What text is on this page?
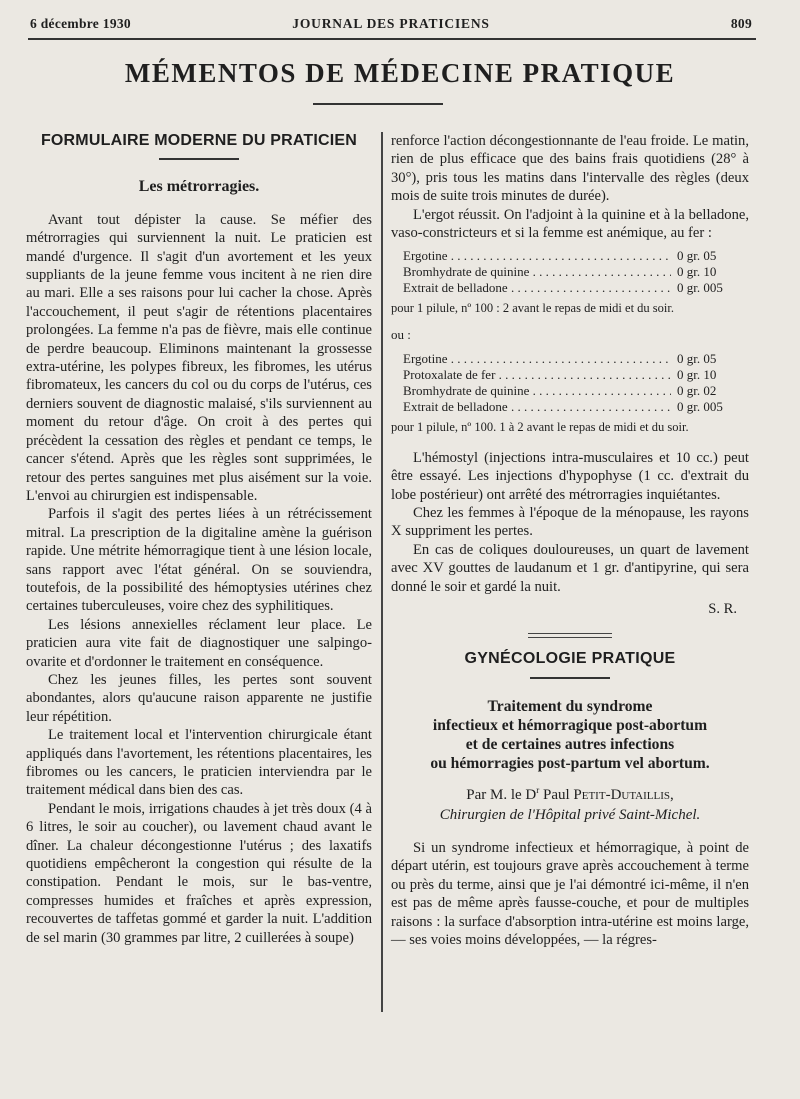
6 décembre 1930	JOURNAL DES PRATICIENS	809
MÉMENTOS DE MÉDECINE PRATIQUE
FORMULAIRE MODERNE DU PRATICIEN
Les métrorragies.

Avant tout dépister la cause. Se méfier des métrorragies qui surviennent la nuit. Le praticien est mandé d'urgence. Il s'agit d'un avortement et les yeux suppliants de la jeune femme vous incitent à ne rien dire au mari. Elle a ses raisons pour lui cacher la chose. Après l'accouchement, il peut s'agir de rétentions placentaires prolongées. La femme n'a pas de fièvre, mais elle continue de perdre beaucoup. Eliminons maintenant la grossesse extra-utérine, les polypes fibreux, les fibromes, les utérus fibromateux, les cancers du col ou du corps de l'utérus, ces derniers souvent de diagnostic malaisé, s'ils surviennent au moment du retour d'âge. On croit à des pertes qui précèdent la cessation des règles et pendant ce temps, le cancer s'étend. Après que les règles sont supprimées, le retour des pertes sanguines met plus aisément sur la voie. L'envoi au chirurgien est indispensable.

Parfois il s'agit des pertes liées à un rétrécissement mitral. La prescription de la digitaline amène la guérison rapide. Une métrite hémorragique tient à une lésion locale, sans rapport avec l'état général. On se souviendra, toutefois, de la possibilité des hémoptysies utérines chez certaines tuberculeuses, voire chez des syphilitiques.

Les lésions annexielles réclament leur place. Le praticien aura vite fait de diagnostiquer une salpingo-ovarite et d'ordonner le traitement en conséquence.

Chez les jeunes filles, les pertes sont souvent abondantes, alors qu'aucune raison apparente ne justifie leur répétition.

Le traitement local et l'intervention chirurgicale étant appliqués dans l'avortement, les rétentions placentaires, les fibromes ou les cancers, le praticien interviendra par le traitement médical dans bien des cas.

Pendant le mois, irrigations chaudes à jet très doux (4 à 6 litres, le soir au coucher), ou lavement chaud avant le dîner. La chaleur décongestionne l'utérus ; des laxatifs quotidiens empêcheront la congestion qui résulte de la constipation. Pendant le mois, sur le bas-ventre, compresses humides et fraîches et après expression, recouvertes de taffetas gommé et garder la nuit. L'addition de sel marin (30 grammes par litre, 2 cuillerées à soupe)

renforce l'action décongestionnante de l'eau froide. Le matin, rien de plus efficace que des bains frais quotidiens (28° à 30°), pris tous les matins dans l'intervalle des règles (deux mois de suite trois minutes de durée).

L'ergot réussit. On l'adjoint à la quinine et à la belladone, vaso-constricteurs et si la femme est anémique, au fer :

Ergotine . . .	0 gr. 05
Bromhydrate de quinine . . .	0 gr. 10
Extrait de belladone . . .	0 gr. 005
pour 1 pilule, nº 100 : 2 avant le repas de midi et du soir.
ou :
Ergotine . . .	0 gr. 05
Protoxalate de fer . . .	0 gr. 10
Bromhydrate de quinine . . .	0 gr. 02
Extrait de belladone . . .	0 gr. 005
pour 1 pilule, nº 100. 1 à 2 avant le repas de midi et du soir.

L'hémostyl (injections intra-musculaires et 10 cc.) peut être essayé. Les injections d'hypophyse (1 cc. d'extrait du lobe postérieur) ont arrêté des métrorragies inquiétantes.

Chez les femmes à l'époque de la ménopause, les rayons X suppriment les pertes.

En cas de coliques douloureuses, un quart de lavement avec XV gouttes de laudanum et 1 gr. d'antipyrine, qui sera donné le soir et gardé la nuit.

S. R.
GYNÉCOLOGIE PRATIQUE
Traitement du syndrome
infectieux et hémorragique post-abortum
et de certaines autres infections
ou hémorragies post-partum vel abortum.
Par M. le $D^r$ Paul Petit-Dutaillis,
Chirurgien de l'Hôpital privé Saint-Michel.

Si un syndrome infectieux et hémorragique, à point de départ utérin, est toujours grave après accouchement à terme ou près du terme, ainsi que je l'ai démontré ici-même, il n'en est pas de même après fausse-couche, et pour de multiples raisons : la surface d'absorption intra-utérine est moins large, — ses voies moins développées, — la régres-
